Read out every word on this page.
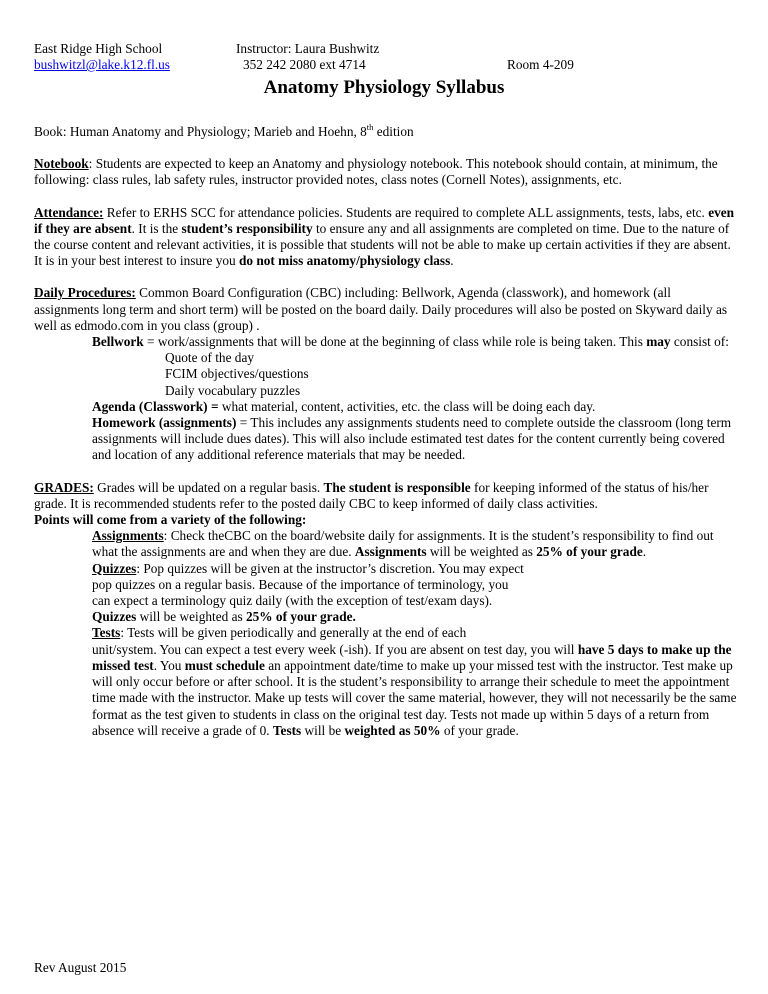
East Ridge High School
bushwitzl@lake.k12.fl.us
Instructor: Laura Bushwitz
352 242 2080 ext 4714	Room 4-209
Anatomy Physiology Syllabus

Book: Human Anatomy and Physiology; Marieb and Hoehn, 8th edition

Notebook: Students are expected to keep an Anatomy and physiology notebook. This notebook should contain, at minimum, the following: class rules, lab safety rules, instructor provided notes, class notes (Cornell Notes), assignments, etc.

Attendance: Refer to ERHS SCC for attendance policies. Students are required to complete ALL assignments, tests, labs, etc. even if they are absent. It is the student’s responsibility to ensure any and all assignments are completed on time. Due to the nature of the course content and relevant activities, it is possible that students will not be able to make up certain activities if they are absent. It is in your best interest to insure you do not miss anatomy/physiology class.

Daily Procedures: Common Board Configuration (CBC) including: Bellwork, Agenda (classwork), and homework (all assignments long term and short term) will be posted on the board daily. Daily procedures will also be posted on Skyward daily as well as edmodo.com in you class (group) .

Bellwork = work/assignments that will be done at the beginning of class while role is being taken. This may consist of:

Quote of the day

FCIM objectives/questions

Daily vocabulary puzzles

Agenda (Classwork) = what material, content, activities, etc. the class will be doing each day.

Homework (assignments) = This includes any assignments students need to complete outside the classroom (long term assignments will include dues dates). This will also include estimated test dates for the content currently being covered and location of any additional reference materials that may be needed.

GRADES: Grades will be updated on a regular basis. The student is responsible for keeping informed of the status of his/her grade. It is recommended students refer to the posted daily CBC to keep informed of daily class activities.

Points will come from a variety of the following:

Assignments: Check theCBC on the board/website daily for assignments. It is the student’s responsibility to find out what the assignments are and when they are due. Assignments will be weighted as 25% of your grade.

Quizzes: Pop quizzes will be given at the instructor’s discretion. You may expect
pop quizzes on a regular basis. Because of the importance of terminology, you
can expect a terminology quiz daily (with the exception of test/exam days).
Quizzes will be weighted as 25% of your grade.
Tests: Tests will be given periodically and generally at the end of each
unit/system. You can expect a test every week (-ish). If you are absent on test day, you will have 5 days to make up the missed test. You must schedule an appointment date/time to make up your missed test with the instructor. Test make up will only occur before or after school. It is the student’s responsibility to arrange their schedule to meet the appointment time made with the instructor. Make up tests will cover the same material, however, they will not necessarily be the same format as the test given to students in class on the original test day. Tests not made up within 5 days of a return from absence will receive a grade of 0. Tests will be weighted as 50% of your grade.
Rev August 2015
